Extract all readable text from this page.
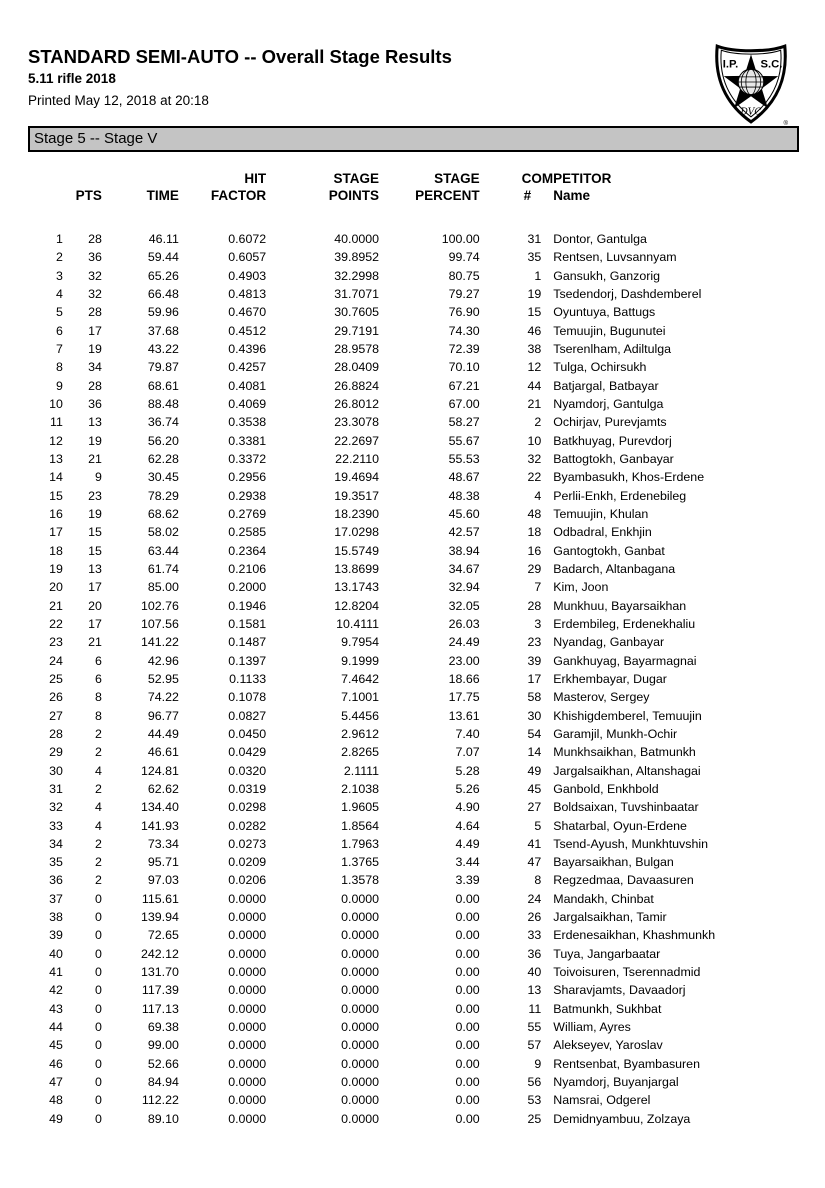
STANDARD SEMI-AUTO -- Overall Stage Results
5.11 rifle 2018
Printed May 12, 2018 at 20:18
I.P. S.C.
DVC
®
Stage 5 -- Stage V
			HIT	STAGE	STAGE	COMPETITOR	
	PTS	TIME	FACTOR	POINTS	PERCENT	#	Name
1	28	46.11	0.6072	40.0000	100.00	31	Dontor, Gantulga
2	36	59.44	0.6057	39.8952	99.74	35	Rentsen, Luvsannyam
3	32	65.26	0.4903	32.2998	80.75	1	Gansukh, Ganzorig
4	32	66.48	0.4813	31.7071	79.27	19	Tsedendorj, Dashdemberel
5	28	59.96	0.4670	30.7605	76.90	15	Oyuntuya, Battugs
6	17	37.68	0.4512	29.7191	74.30	46	Temuujin, Bugunutei
7	19	43.22	0.4396	28.9578	72.39	38	Tserenlham, Adiltulga
8	34	79.87	0.4257	28.0409	70.10	12	Tulga, Ochirsukh
9	28	68.61	0.4081	26.8824	67.21	44	Batjargal, Batbayar
10	36	88.48	0.4069	26.8012	67.00	21	Nyamdorj, Gantulga
11	13	36.74	0.3538	23.3078	58.27	2	Ochirjav, Purevjamts
12	19	56.20	0.3381	22.2697	55.67	10	Batkhuyag, Purevdorj
13	21	62.28	0.3372	22.2110	55.53	32	Battogtokh, Ganbayar
14	9	30.45	0.2956	19.4694	48.67	22	Byambasukh, Khos-Erdene
15	23	78.29	0.2938	19.3517	48.38	4	Perlii-Enkh, Erdenebileg
16	19	68.62	0.2769	18.2390	45.60	48	Temuujin, Khulan
17	15	58.02	0.2585	17.0298	42.57	18	Odbadral, Enkhjin
18	15	63.44	0.2364	15.5749	38.94	16	Gantogtokh, Ganbat
19	13	61.74	0.2106	13.8699	34.67	29	Badarch, Altanbagana
20	17	85.00	0.2000	13.1743	32.94	7	Kim, Joon
21	20	102.76	0.1946	12.8204	32.05	28	Munkhuu, Bayarsaikhan
22	17	107.56	0.1581	10.4111	26.03	3	Erdembileg, Erdenekhaliu
23	21	141.22	0.1487	9.7954	24.49	23	Nyandag, Ganbayar
24	6	42.96	0.1397	9.1999	23.00	39	Gankhuyag, Bayarmagnai
25	6	52.95	0.1133	7.4642	18.66	17	Erkhembayar, Dugar
26	8	74.22	0.1078	7.1001	17.75	58	Masterov, Sergey
27	8	96.77	0.0827	5.4456	13.61	30	Khishigdemberel, Temuujin
28	2	44.49	0.0450	2.9612	7.40	54	Garamjil, Munkh-Ochir
29	2	46.61	0.0429	2.8265	7.07	14	Munkhsaikhan, Batmunkh
30	4	124.81	0.0320	2.1111	5.28	49	Jargalsaikhan, Altanshagai
31	2	62.62	0.0319	2.1038	5.26	45	Ganbold, Enkhbold
32	4	134.40	0.0298	1.9605	4.90	27	Boldsaixan, Tuvshinbaatar
33	4	141.93	0.0282	1.8564	4.64	5	Shatarbal, Oyun-Erdene
34	2	73.34	0.0273	1.7963	4.49	41	Tsend-Ayush, Munkhtuvshin
35	2	95.71	0.0209	1.3765	3.44	47	Bayarsaikhan, Bulgan
36	2	97.03	0.0206	1.3578	3.39	8	Regzedmaa, Davaasuren
37	0	115.61	0.0000	0.0000	0.00	24	Mandakh, Chinbat
38	0	139.94	0.0000	0.0000	0.00	26	Jargalsaikhan, Tamir
39	0	72.65	0.0000	0.0000	0.00	33	Erdenesaikhan, Khashmunkh
40	0	242.12	0.0000	0.0000	0.00	36	Tuya, Jangarbaatar
41	0	131.70	0.0000	0.0000	0.00	40	Toivoisuren, Tserennadmid
42	0	117.39	0.0000	0.0000	0.00	13	Sharavjamts, Davaadorj
43	0	117.13	0.0000	0.0000	0.00	11	Batmunkh, Sukhbat
44	0	69.38	0.0000	0.0000	0.00	55	William, Ayres
45	0	99.00	0.0000	0.0000	0.00	57	Alekseyev, Yaroslav
46	0	52.66	0.0000	0.0000	0.00	9	Rentsenbat, Byambasuren
47	0	84.94	0.0000	0.0000	0.00	56	Nyamdorj, Buyanjargal
48	0	112.22	0.0000	0.0000	0.00	53	Namsrai, Odgerel
49	0	89.10	0.0000	0.0000	0.00	25	Demidnyambuu, Zolzaya
